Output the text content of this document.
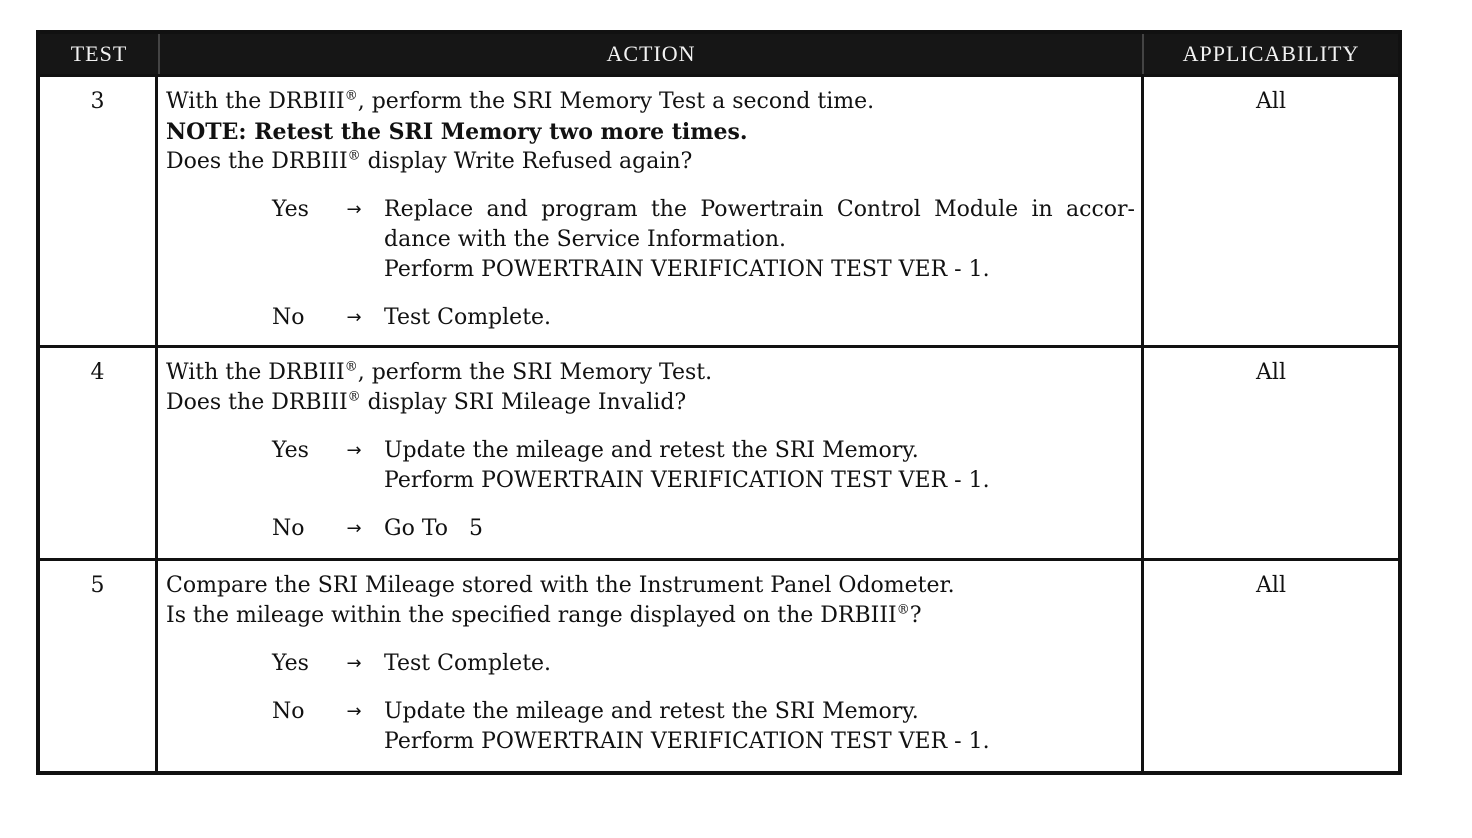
TEST	ACTION	APPLICABILITY
3	With the DRBIII®, perform the SRI Memory Test a second time.
NOTE: Retest the SRI Memory two more times.
Does the DRBIII® display Write Refused again?
Yes	→	Replace and program the Powertrain Control Module in accor-
dance with the Service Information.
Perform POWERTRAIN VERIFICATION TEST VER - 1.
No	→	Test Complete.
All
4	With the DRBIII®, perform the SRI Memory Test.
Does the DRBIII® display SRI Mileage Invalid?
Yes	→	Update the mileage and retest the SRI Memory.
Perform POWERTRAIN VERIFICATION TEST VER - 1.
No	→	Go To   5
All
5	Compare the SRI Mileage stored with the Instrument Panel Odometer.
Is the mileage within the specified range displayed on the DRBIII®?
Yes	→	Test Complete.
No	→	Update the mileage and retest the SRI Memory.
Perform POWERTRAIN VERIFICATION TEST VER - 1.
All
